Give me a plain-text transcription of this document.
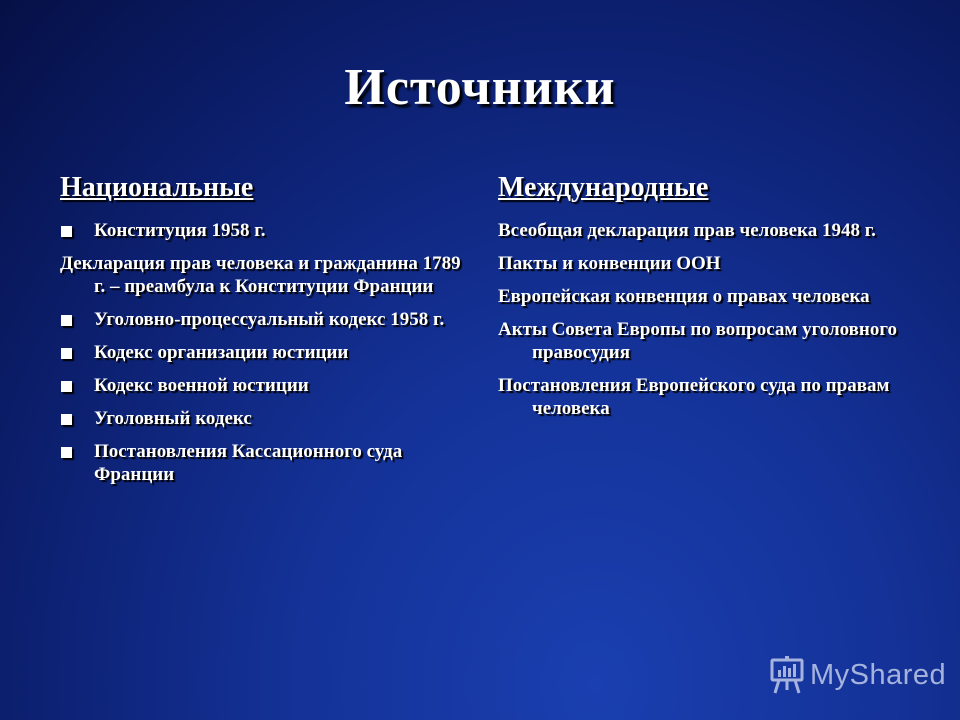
Источники
Национальные
Конституция 1958 г.
Декларация прав человека и гражданина 1789 г. – преамбула к Конституции Франции
Уголовно-процессуальный кодекс 1958 г.
Кодекс организации юстиции
Кодекс военной юстиции
Уголовный кодекс
Постановления Кассационного суда Франции
Международные
Всеобщая декларация прав человека 1948 г.
Пакты и конвенции ООН
Европейская конвенция о правах человека
Акты Совета Европы по вопросам уголовного правосудия
Постановления Европейского суда по правам человека
MyShared
